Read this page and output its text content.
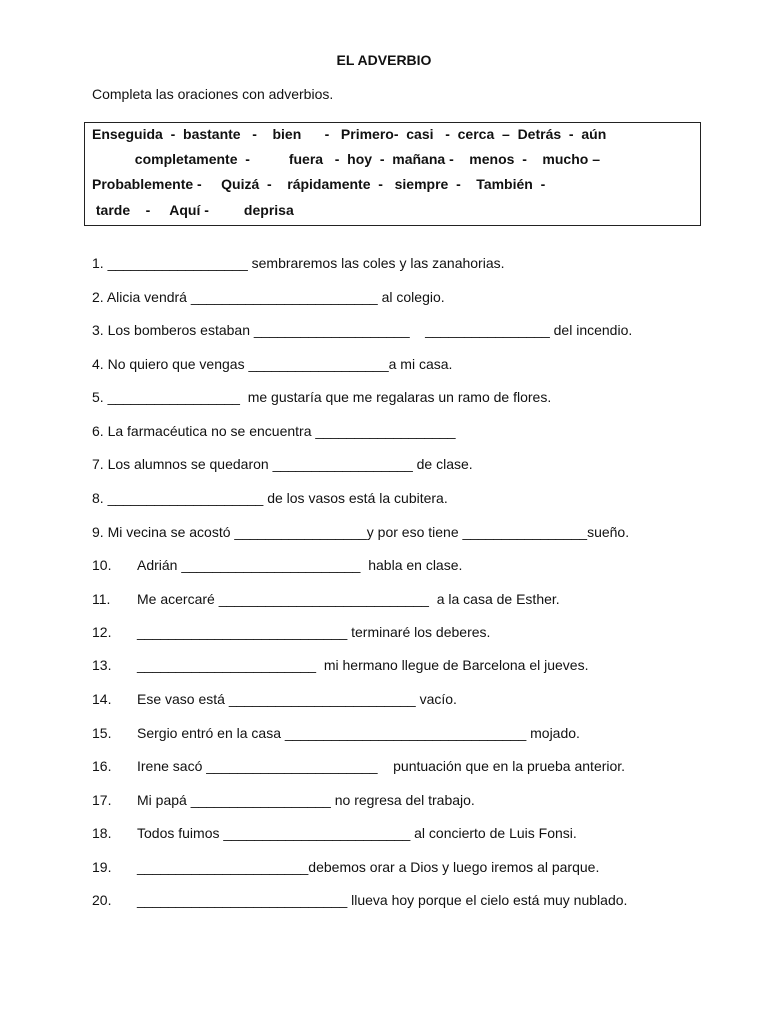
EL ADVERBIO
Completa las oraciones con adverbios.
Enseguida  -  bastante   -    bien      -   Primero-  casi   -  cerca  –  Detrás  -  aún
completamente  -          fuera   -  hoy  -  mañana -    menos  -    mucho –
Probablemente -     Quizá  -    rápidamente  -   siempre  -    También  -
tarde    -     Aquí -         deprisa
1. __________________ sembraremos las coles y las zanahorias.
2. Alicia vendrá ________________________ al colegio.
3. Los bomberos estaban ____________________    ________________ del incendio.
4. No quiero que vengas __________________a mi casa.
5. _________________  me gustaría que me regalaras un ramo de flores.
6. La farmacéutica no se encuentra __________________
7. Los alumnos se quedaron __________________ de clase.
8. ____________________ de los vasos está la cubitera.
9. Mi vecina se acostó _________________y por eso tiene ________________sueño.
10. Adrián _______________________  habla en clase.
11. Me acercaré ___________________________  a la casa de Esther.
12. ___________________________ terminaré los deberes.
13. _______________________  mi hermano llegue de Barcelona el jueves.
14. Ese vaso está ________________________ vacío.
15. Sergio entró en la casa _______________________________ mojado.
16. Irene sacó ______________________    puntuación que en la prueba anterior.
17. Mi papá __________________ no regresa del trabajo.
18. Todos fuimos ________________________ al concierto de Luis Fonsi.
19. ______________________debemos orar a Dios y luego iremos al parque.
20. ___________________________ llueva hoy porque el cielo está muy nublado.
